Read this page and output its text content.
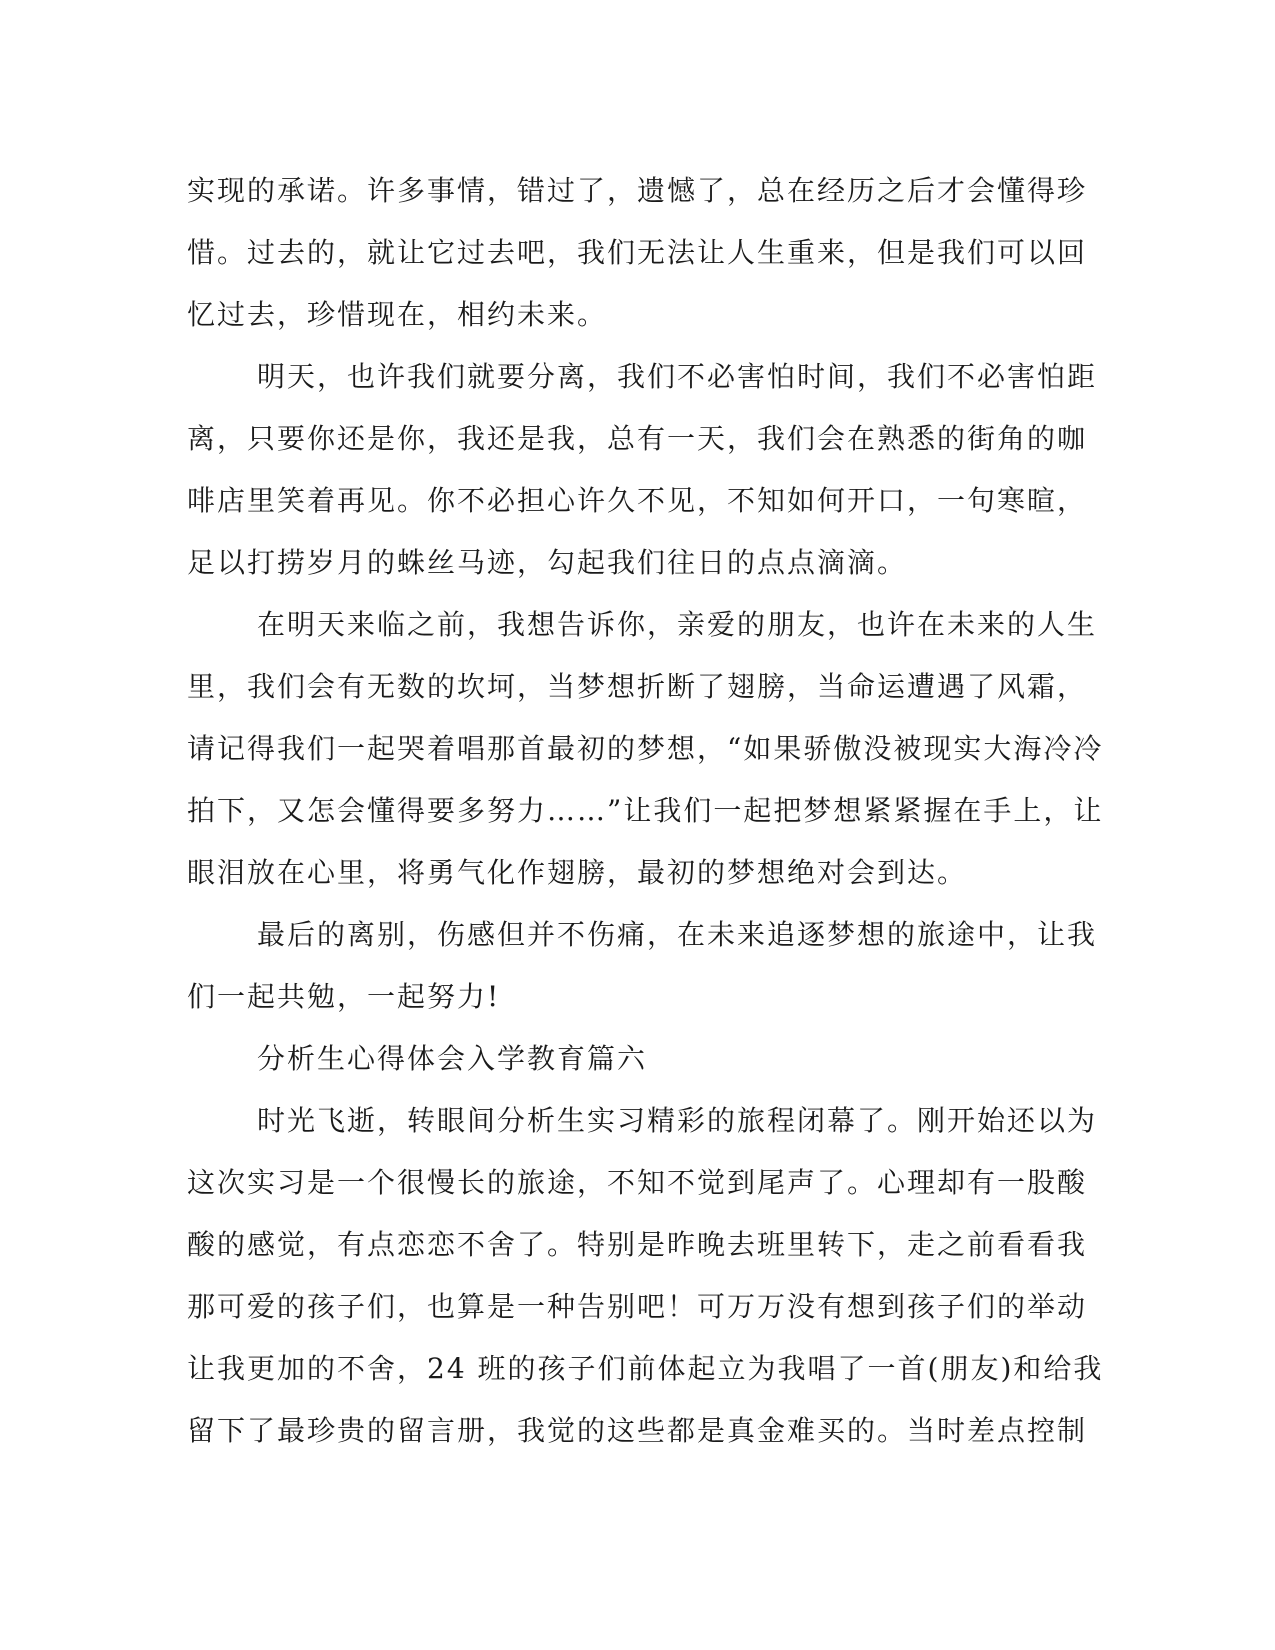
实现的承诺。许多事情，错过了，遗憾了，总在经历之后才会懂得珍
惜。过去的，就让它过去吧，我们无法让人生重来，但是我们可以回
忆过去，珍惜现在，相约未来。
明天，也许我们就要分离，我们不必害怕时间，我们不必害怕距
离，只要你还是你，我还是我，总有一天，我们会在熟悉的街角的咖
啡店里笑着再见。你不必担心许久不见，不知如何开口，一句寒暄，
足以打捞岁月的蛛丝马迹，勾起我们往日的点点滴滴。
在明天来临之前，我想告诉你，亲爱的朋友，也许在未来的人生
里，我们会有无数的坎坷，当梦想折断了翅膀，当命运遭遇了风霜，
请记得我们一起哭着唱那首最初的梦想，“如果骄傲没被现实大海冷冷
拍下，又怎会懂得要多努力……”让我们一起把梦想紧紧握在手上，让
眼泪放在心里，将勇气化作翅膀，最初的梦想绝对会到达。
最后的离别，伤感但并不伤痛，在未来追逐梦想的旅途中，让我
们一起共勉，一起努力!
分析生心得体会入学教育篇六
时光飞逝，转眼间分析生实习精彩的旅程闭幕了。刚开始还以为
这次实习是一个很慢长的旅途，不知不觉到尾声了。心理却有一股酸
酸的感觉，有点恋恋不舍了。特别是昨晚去班里转下，走之前看看我
那可爱的孩子们，也算是一种告别吧！可万万没有想到孩子们的举动
让我更加的不舍，24 班的孩子们前体起立为我唱了一首(朋友)和给我
留下了最珍贵的留言册，我觉的这些都是真金难买的。当时差点控制
